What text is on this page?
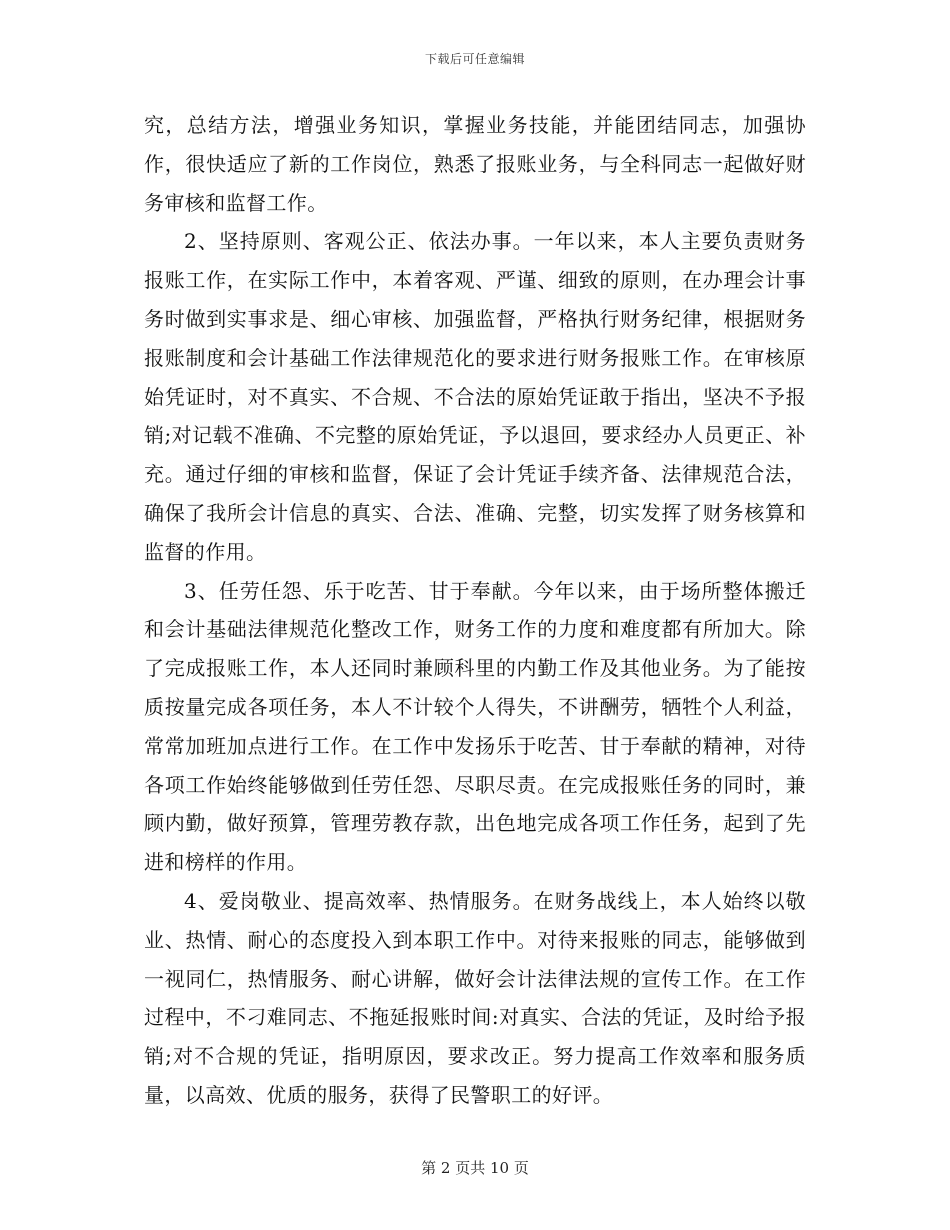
下载后可任意编辑

究，总结方法，增强业务知识，掌握业务技能，并能团结同志，加强协作，很快适应了新的工作岗位，熟悉了报账业务，与全科同志一起做好财务审核和监督工作。

2、坚持原则、客观公正、依法办事。一年以来，本人主要负责财务报账工作，在实际工作中，本着客观、严谨、细致的原则，在办理会计事务时做到实事求是、细心审核、加强监督，严格执行财务纪律，根据财务报账制度和会计基础工作法律规范化的要求进行财务报账工作。在审核原始凭证时，对不真实、不合规、不合法的原始凭证敢于指出，坚决不予报销;对记载不准确、不完整的原始凭证，予以退回，要求经办人员更正、补充。通过仔细的审核和监督，保证了会计凭证手续齐备、法律规范合法，确保了我所会计信息的真实、合法、准确、完整，切实发挥了财务核算和监督的作用。

3、任劳任怨、乐于吃苦、甘于奉献。今年以来，由于场所整体搬迁和会计基础法律规范化整改工作，财务工作的力度和难度都有所加大。除了完成报账工作，本人还同时兼顾科里的内勤工作及其他业务。为了能按质按量完成各项任务，本人不计较个人得失，不讲酬劳，牺牲个人利益，常常加班加点进行工作。在工作中发扬乐于吃苦、甘于奉献的精神，对待各项工作始终能够做到任劳任怨、尽职尽责。在完成报账任务的同时，兼顾内勤，做好预算，管理劳教存款，出色地完成各项工作任务，起到了先进和榜样的作用。

4、爱岗敬业、提高效率、热情服务。在财务战线上，本人始终以敬业、热情、耐心的态度投入到本职工作中。对待来报账的同志，能够做到一视同仁，热情服务、耐心讲解，做好会计法律法规的宣传工作。在工作过程中，不刁难同志、不拖延报账时间:对真实、合法的凭证，及时给予报销;对不合规的凭证，指明原因，要求改正。努力提高工作效率和服务质量，以高效、优质的服务，获得了民警职工的好评。

第 2 页共 10 页
